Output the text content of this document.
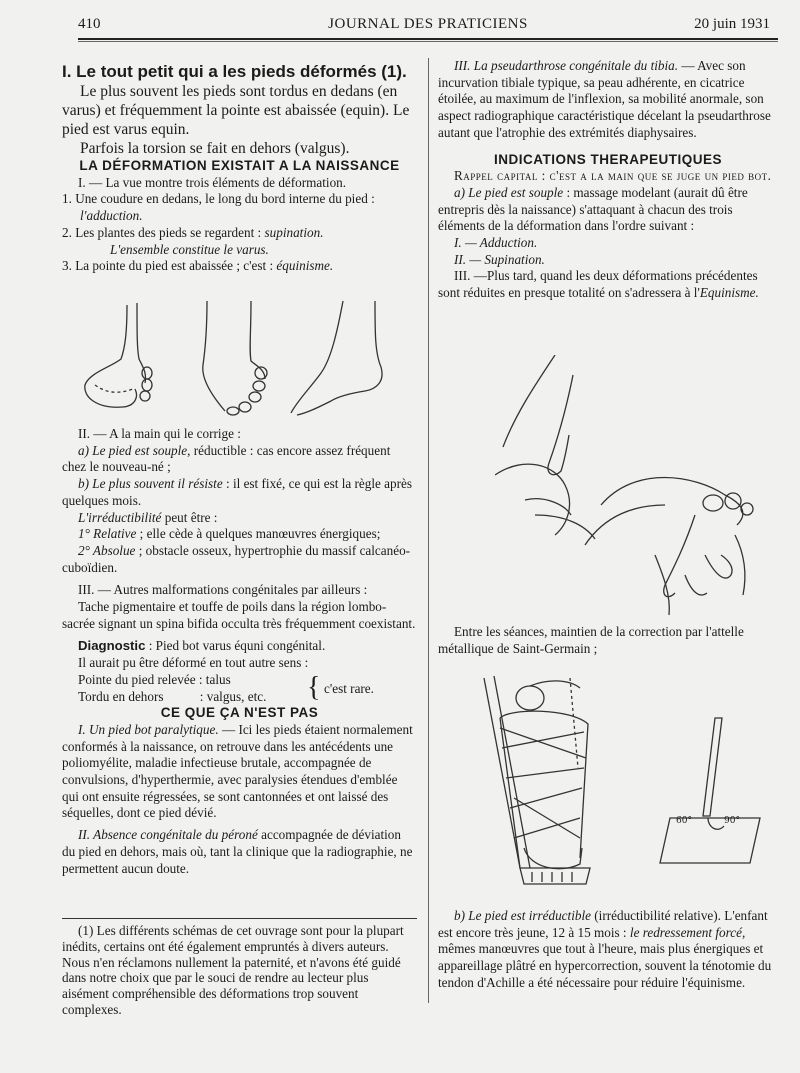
410	JOURNAL DES PRATICIENS	20 juin 1931

I. Le tout petit qui a les pieds déformés (1).

Le plus souvent les pieds sont tordus en dedans (en varus) et fréquemment la pointe est abaissée (equin). Le pied est varus equin.

Parfois la torsion se fait en dehors (valgus).

LA DÉFORMATION EXISTAIT A LA NAISSANCE

I. — La vue montre trois éléments de déformation.

1. Une coudure en dedans, le long du bord interne du pied : l'adduction.

2. Les plantes des pieds se regardent : supination.
L'ensemble constitue le varus.

3. La pointe du pied est abaissée ; c'est : équinisme.

II. — A la main qui le corrige :

a) Le pied est souple, réductible : cas encore assez fréquent chez le nouveau-né ;

b) Le plus souvent il résiste : il est fixé, ce qui est la règle après quelques mois.

L'irréductibilité peut être :

1° Relative ; elle cède à quelques manœuvres énergiques;

2° Absolue ; obstacle osseux, hypertrophie du massif calcanéo-cuboïdien.

III. — Autres malformations congénitales par ailleurs :

Tache pigmentaire et touffe de poils dans la région lombo-sacrée signant un spina bifida occulta très fréquemment coexistant.

Diagnostic : Pied bot varus équni congénital.

Il aurait pu être déformé en tout autre sens :

Pointe du pied relevée : talus

Tordu en dehors           : valgus, etc.	{ c'est rare.

CE QUE ÇA N'EST PAS

I. Un pied bot paralytique. — Ici les pieds étaient normalement conformés à la naissance, on retrouve dans les antécédents une poliomyélite, maladie infectieuse brutale, accompagnée de convulsions, d'hyperthermie, avec paralysies étendues d'emblée qui ont ensuite régressées, se sont cantonnées et ont laissé des séquelles, dont ce pied dévié.

II. Absence congénitale du péroné accompagnée de déviation du pied en dehors, mais où, tant la clinique que la radiographie, ne permettent aucun doute.

(1) Les différents schémas de cet ouvrage sont pour la plupart inédits, certains ont été également empruntés à divers auteurs. Nous n'en réclamons nullement la paternité, et n'avons été guidé dans notre choix que par le souci de rendre au lecteur plus aisément compréhensible des déformations trop souvent complexes.

III. La pseudarthrose congénitale du tibia. — Avec son incurvation tibiale typique, sa peau adhérente, en cicatrice étoilée, au maximum de l'inflexion, sa mobilité anormale, son aspect radiographique caractéristique décelant la pseudarthrose autant que l'atrophie des extrémités diaphysaires.

INDICATIONS THERAPEUTIQUES

Rappel capital : c'est a la main que se juge un pied bot.

a) Le pied est souple : massage modelant (aurait dû être entrepris dès la naissance) s'attaquant à chacun des trois éléments de la déformation dans l'ordre suivant :

I. — Adduction.

II. — Supination.

III. —Plus tard, quand les deux déformations précédentes sont réduites en presque totalité on s'adressera à l'Equinisme.

Entre les séances, maintien de la correction par l'attelle métallique de Saint-Germain ;

60°	90°

b) Le pied est irréductible (irréductibilité relative). L'enfant est encore très jeune, 12 à 15 mois : le redressement forcé, mêmes manœuvres que tout à l'heure, mais plus énergiques et appareillage plâtré en hypercorrection, souvent la ténotomie du tendon d'Achille a été nécessaire pour réduire l'équinisme.
